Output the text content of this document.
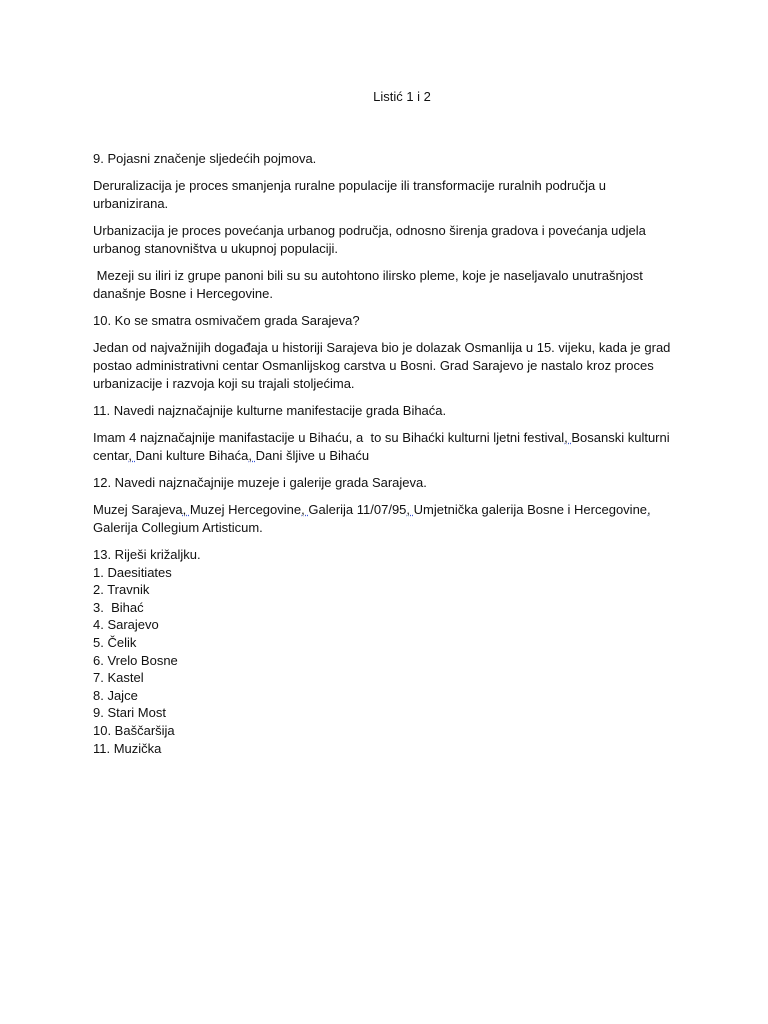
Listić 1 i 2

9. Pojasni značenje sljedećih pojmova.

Deruralizacija je proces smanjenja ruralne populacije ili transformacije ruralnih područja u urbanizirana.

Urbanizacija je proces povećanja urbanog područja, odnosno širenja gradova i povećanja udjela urbanog stanovništva u ukupnoj populaciji.

Mezeji su iliri iz grupe panoni bili su su autohtono ilirsko pleme, koje je naseljavalo unutrašnjost današnje Bosne i Hercegovine.

10. Ko se smatra osmivačem grada Sarajeva?

Jedan od najvažnijih događaja u historiji Sarajeva bio je dolazak Osmanlija u 15. vijeku, kada je grad postao administrativni centar Osmanlijskog carstva u Bosni. Grad Sarajevo je nastalo kroz proces urbanizacije i razvoja koji su trajali stoljećima.

11. Navedi najznačajnije kulturne manifestacije grada Bihaća.

Imam 4 najznačajnije manifastacije u Bihaću, a  to su Bihaćki kulturni ljetni festival, Bosanski kulturni centar, Dani kulture Bihaća, Dani šljive u Bihaću

12. Navedi najznačajnije muzeje i galerije grada Sarajeva.

Muzej Sarajeva, Muzej Hercegovine, Galerija 11/07/95, Umjetnička galerija Bosne i Hercegovine, Galerija Collegium Artisticum.

13. Riješi križaljku.
1. Daesitiates
2. Travnik
3.  Bihać
4. Sarajevo
5. Čelik
6. Vrelo Bosne
7. Kastel
8. Jajce
9. Stari Most
10. Baščaršija
11. Muzička
